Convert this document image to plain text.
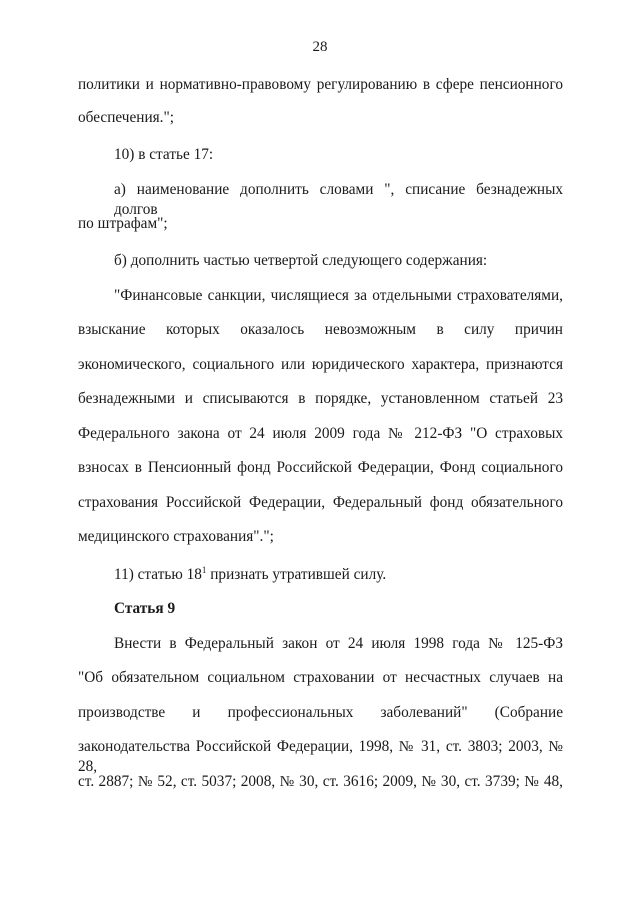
28
политики и нормативно-правовому регулированию в сфере пенсионного
обеспечения.";
10) в статье 17:
а) наименование дополнить словами ", списание безнадежных долгов
по штрафам";
б) дополнить частью четвертой следующего содержания:
"Финансовые санкции, числящиеся за отдельными страхователями,
взыскание которых оказалось невозможным в силу причин
экономического, социального или юридического характера, признаются
безнадежными и списываются в порядке, установленном статьей 23
Федерального закона от 24 июля 2009 года № 212-ФЗ "О страховых
взносах в Пенсионный фонд Российской Федерации, Фонд социального
страхования Российской Федерации, Федеральный фонд обязательного
медицинского страхования".";
11) статью $18^1$ признать утратившей силу.
Статья 9
Внести в Федеральный закон от 24 июля 1998 года № 125-ФЗ
"Об обязательном социальном страховании от несчастных случаев на
производстве и профессиональных заболеваний" (Собрание
законодательства Российской Федерации, 1998, № 31, ст. 3803; 2003, № 28,
ст. 2887; № 52, ст. 5037; 2008, № 30, ст. 3616; 2009, № 30, ст. 3739; № 48,
